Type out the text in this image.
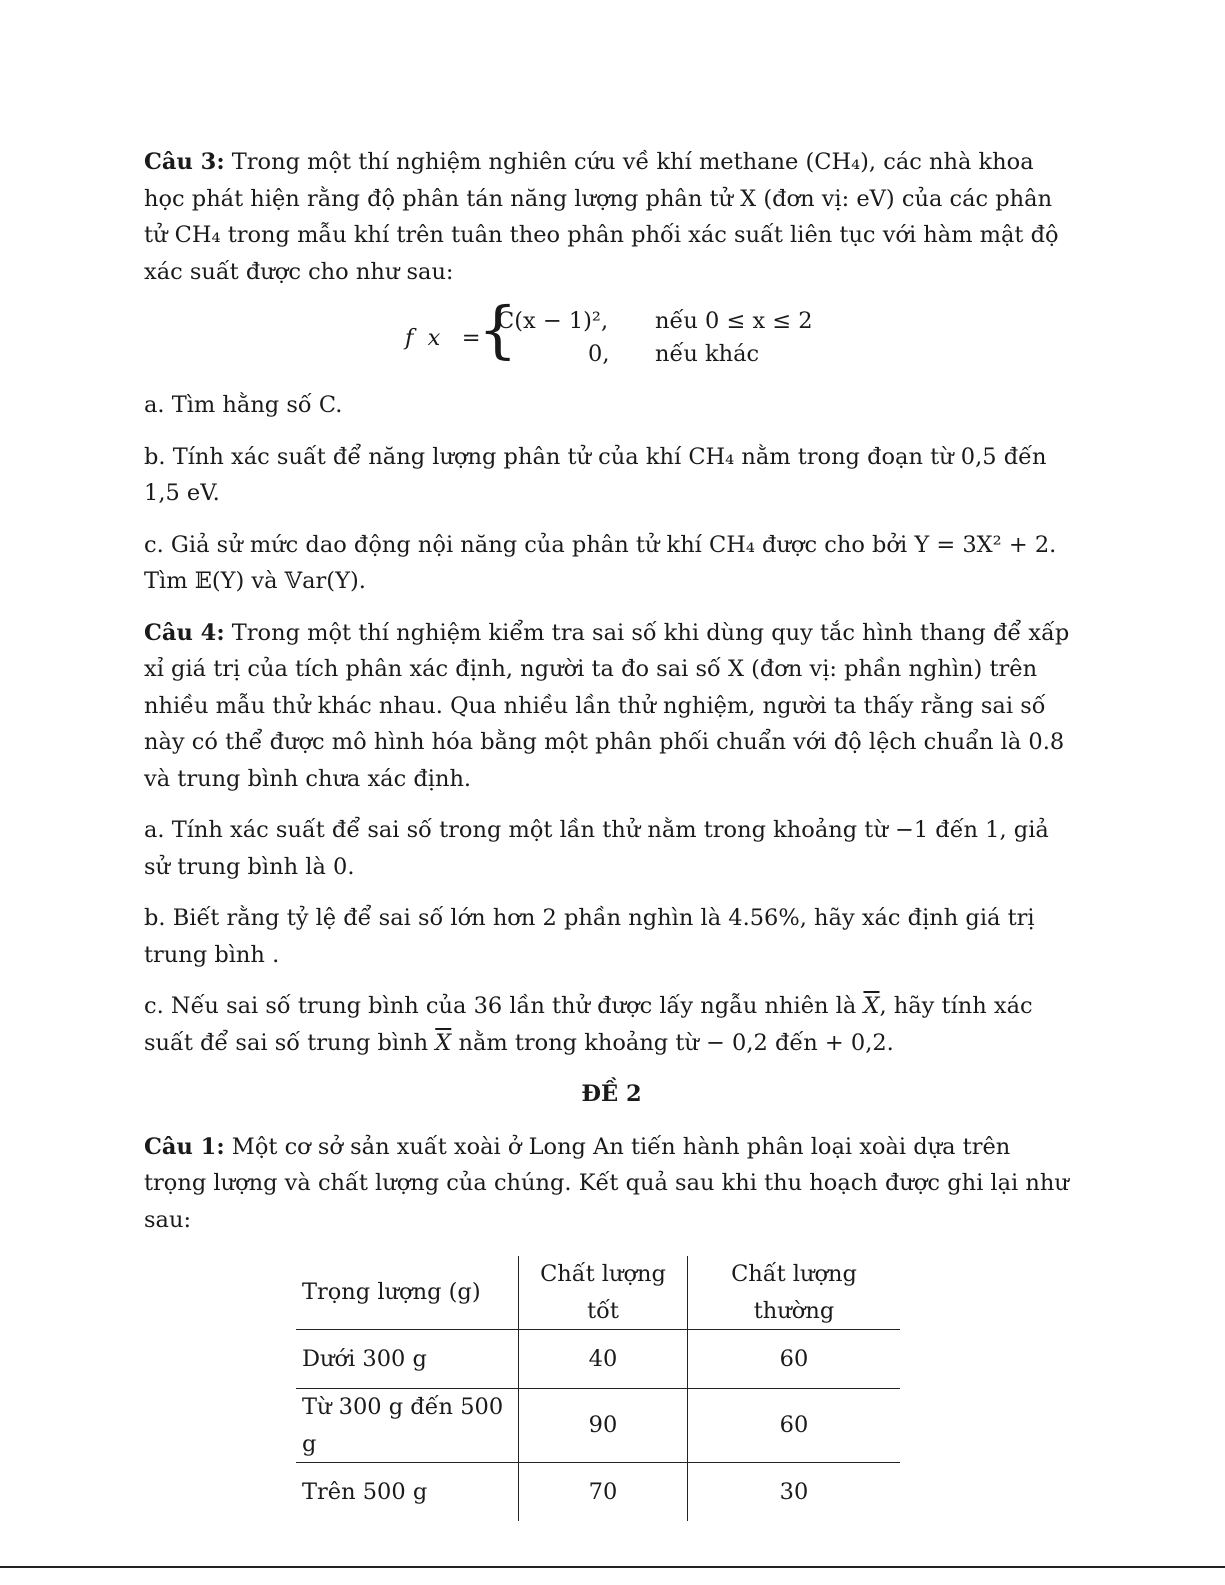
Câu 3: Trong một thí nghiệm nghiên cứu về khí methane (CH₄), các nhà khoa học phát hiện rằng độ phân tán năng lượng phân tử X (đơn vị: eV) của các phân tử CH₄ trong mẫu khí trên tuân theo phân phối xác suất liên tục với hàm mật độ xác suất được cho như sau:

f  x   =
{
C(x − 1)², nếu 0 ≤ x ≤ 2
0, nếu khác

a. Tìm hằng số C.

b. Tính xác suất để năng lượng phân tử của khí CH₄ nằm trong đoạn từ 0,5 đến 1,5 eV.

c. Giả sử mức dao động nội năng của phân tử khí CH₄ được cho bởi Y = 3X² + 2. Tìm 𝔼(Y) và 𝕍ar(Y).

Câu 4: Trong một thí nghiệm kiểm tra sai số khi dùng quy tắc hình thang để xấp xỉ giá trị của tích phân xác định, người ta đo sai số X (đơn vị: phần nghìn) trên nhiều mẫu thử khác nhau. Qua nhiều lần thử nghiệm, người ta thấy rằng sai số này có thể được mô hình hóa bằng một phân phối chuẩn với độ lệch chuẩn là 0.8 và trung bình chưa xác định.

a. Tính xác suất để sai số trong một lần thử nằm trong khoảng từ −1 đến 1, giả sử trung bình là 0.

b. Biết rằng tỷ lệ để sai số lớn hơn 2 phần nghìn là 4.56%, hãy xác định giá trị trung bình .

c. Nếu sai số trung bình của 36 lần thử được lấy ngẫu nhiên là $\overline{X}$, hãy tính xác suất để sai số trung bình $\overline{X}$ nằm trong khoảng từ − 0,2 đến + 0,2.

ĐỀ 2

Câu 1: Một cơ sở sản xuất xoài ở Long An tiến hành phân loại xoài dựa trên trọng lượng và chất lượng của chúng. Kết quả sau khi thu hoạch được ghi lại như sau:

Trọng lượng (g)	Chất lượng tốt	Chất lượng thường
Dưới 300 g	40	60
Từ 300 g đến 500 g	90	60
Trên 500 g	70	30
